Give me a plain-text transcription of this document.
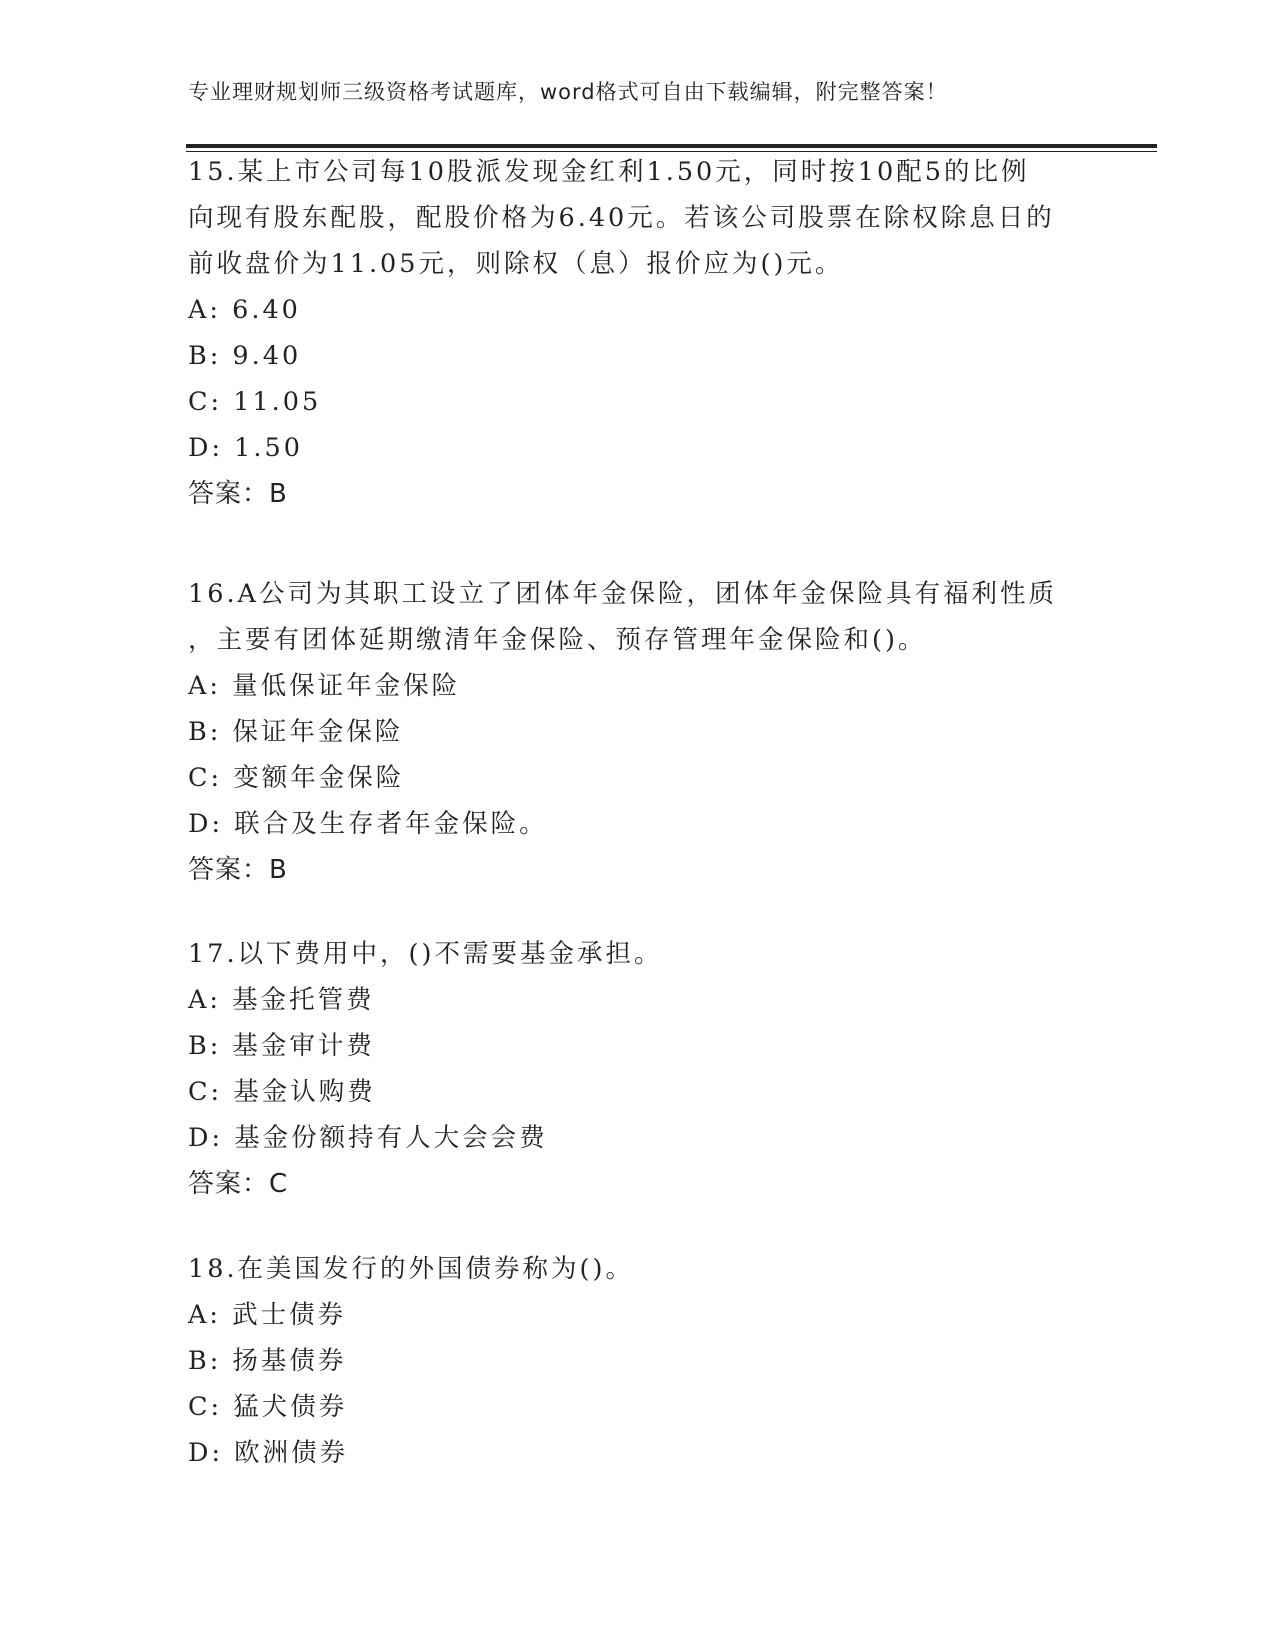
专业理财规划师三级资格考试题库，word格式可自由下载编辑，附完整答案！
15.某上市公司每10股派发现金红利1.50元，同时按10配5的比例
向现有股东配股，配股价格为6.40元。若该公司股票在除权除息日的
前收盘价为11.05元，则除权（息）报价应为()元。
A: 6.40
B: 9.40
C: 11.05
D: 1.50
答案：B
16.A公司为其职工设立了团体年金保险，团体年金保险具有福利性质
，主要有团体延期缴清年金保险、预存管理年金保险和()。
A: 量低保证年金保险
B: 保证年金保险
C: 变额年金保险
D: 联合及生存者年金保险。
答案：B
17.以下费用中，()不需要基金承担。
A: 基金托管费
B: 基金审计费
C: 基金认购费
D: 基金份额持有人大会会费
答案：C
18.在美国发行的外国债券称为()。
A: 武士债券
B: 扬基债券
C: 猛犬债券
D: 欧洲债券
